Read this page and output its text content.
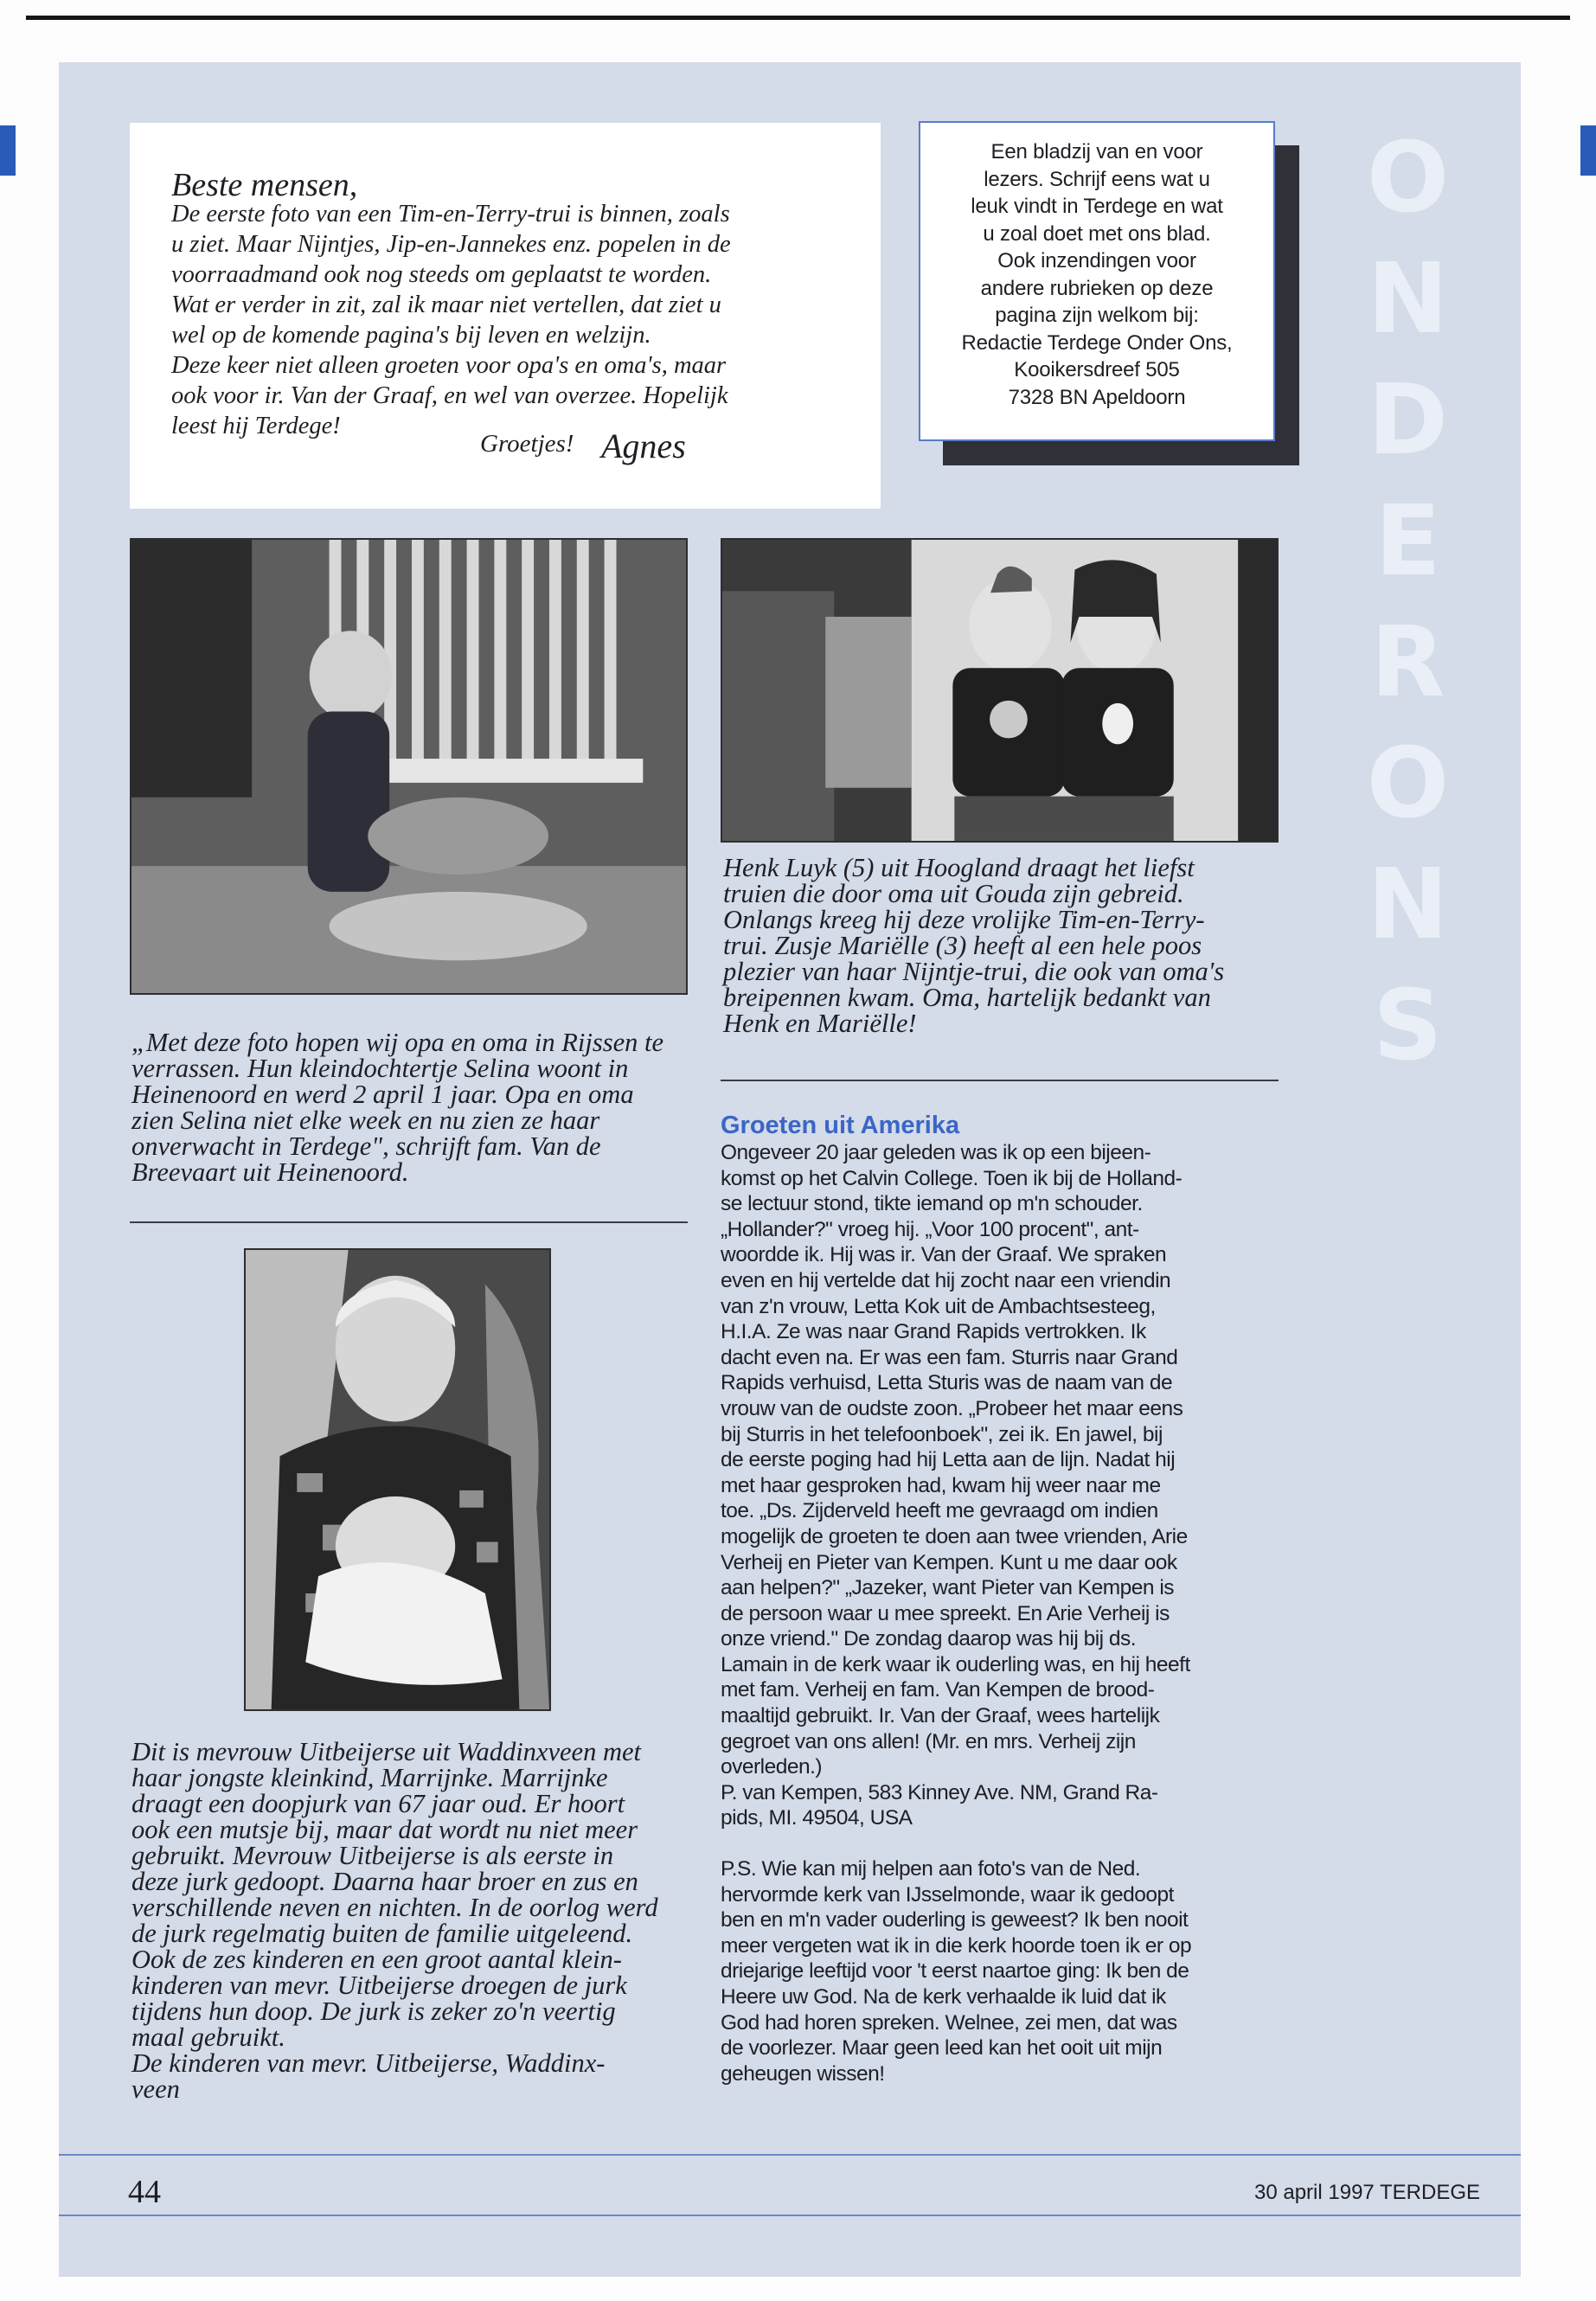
O
N
D
E
R
O
N
S
Beste mensen,

De eerste foto van een Tim-en-Terry-trui is binnen, zoals

u ziet. Maar Nijntjes, Jip-en-Jannekes enz. popelen in de

voorraadmand ook nog steeds om geplaatst te worden.

Wat er verder in zit, zal ik maar niet vertellen, dat ziet u

wel op de komende pagina's bij leven en welzijn.

Deze keer niet alleen groeten voor opa's en oma's, maar

ook voor ir. Van der Graaf, en wel van overzee. Hopelijk

leest hij Terdege!

Groetjes! Agnes

Een bladzij van en voor

lezers. Schrijf eens wat u

leuk vindt in Terdege en wat

u zoal doet met ons blad.

Ook inzendingen voor

andere rubrieken op deze

pagina zijn welkom bij:

Redactie Terdege Onder Ons,

Kooikersdreef 505

7328 BN Apeldoorn

Henk Luyk (5) uit Hoogland draagt het liefst

truien die door oma uit Gouda zijn gebreid.

Onlangs kreeg hij deze vrolijke Tim-en-Terry-

trui. Zusje Mariëlle (3) heeft al een hele poos

plezier van haar Nijntje-trui, die ook van oma's

breipennen kwam. Oma, hartelijk bedankt van

Henk en Mariëlle!

„Met deze foto hopen wij opa en oma in Rijssen te

verrassen. Hun kleindochtertje Selina woont in

Heinenoord en werd 2 april 1 jaar. Opa en oma

zien Selina niet elke week en nu zien ze haar

onverwacht in Terdege", schrijft fam. Van de

Breevaart uit Heinenoord.

Dit is mevrouw Uitbeijerse uit Waddinxveen met

haar jongste kleinkind, Marrijnke. Marrijnke

draagt een doopjurk van 67 jaar oud. Er hoort

ook een mutsje bij, maar dat wordt nu niet meer

gebruikt. Mevrouw Uitbeijerse is als eerste in

deze jurk gedoopt. Daarna haar broer en zus en

verschillende neven en nichten. In de oorlog werd

de jurk regelmatig buiten de familie uitgeleend.

Ook de zes kinderen en een groot aantal klein-

kinderen van mevr. Uitbeijerse droegen de jurk

tijdens hun doop. De jurk is zeker zo'n veertig

maal gebruikt.

De kinderen van mevr. Uitbeijerse, Waddinx-

veen

Groeten uit Amerika

Ongeveer 20 jaar geleden was ik op een bijeen-

komst op het Calvin College. Toen ik bij de Holland-

se lectuur stond, tikte iemand op m'n schouder.

„Hollander?" vroeg hij. „Voor 100 procent", ant-

woordde ik. Hij was ir. Van der Graaf. We spraken

even en hij vertelde dat hij zocht naar een vriendin

van z'n vrouw, Letta Kok uit de Ambachtsesteeg,

H.I.A. Ze was naar Grand Rapids vertrokken. Ik

dacht even na. Er was een fam. Sturris naar Grand

Rapids verhuisd, Letta Sturis was de naam van de

vrouw van de oudste zoon. „Probeer het maar eens

bij Sturris in het telefoonboek", zei ik. En jawel, bij

de eerste poging had hij Letta aan de lijn. Nadat hij

met haar gesproken had, kwam hij weer naar me

toe. „Ds. Zijderveld heeft me gevraagd om indien

mogelijk de groeten te doen aan twee vrienden, Arie

Verheij en Pieter van Kempen. Kunt u me daar ook

aan helpen?" „Jazeker, want Pieter van Kempen is

de persoon waar u mee spreekt. En Arie Verheij is

onze vriend." De zondag daarop was hij bij ds.

Lamain in de kerk waar ik ouderling was, en hij heeft

met fam. Verheij en fam. Van Kempen de brood-

maaltijd gebruikt. Ir. Van der Graaf, wees hartelijk

gegroet van ons allen! (Mr. en mrs. Verheij zijn

overleden.)

P. van Kempen, 583 Kinney Ave. NM, Grand Ra-

pids, MI. 49504, USA

P.S. Wie kan mij helpen aan foto's van de Ned.

hervormde kerk van IJsselmonde, waar ik gedoopt

ben en m'n vader ouderling is geweest? Ik ben nooit

meer vergeten wat ik in die kerk hoorde toen ik er op

driejarige leeftijd voor 't eerst naartoe ging: Ik ben de

Heere uw God. Na de kerk verhaalde ik luid dat ik

God had horen spreken. Welnee, zei men, dat was

de voorlezer. Maar geen leed kan het ooit uit mijn

geheugen wissen!

44	30 april 1997 TERDEGE
